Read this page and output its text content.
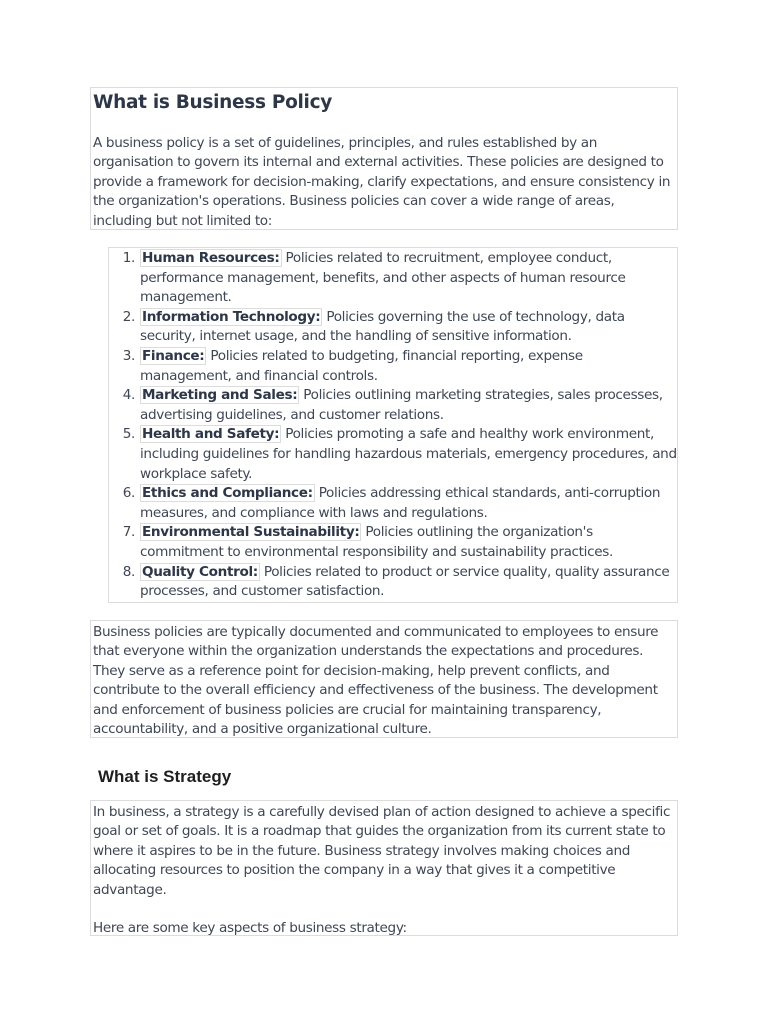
What is Business Policy

A business policy is a set of guidelines, principles, and rules established by an organisation to govern its internal and external activities. These policies are designed to provide a framework for decision-making, clarify expectations, and ensure consistency in the organization's operations. Business policies can cover a wide range of areas, including but not limited to:

1. Human Resources: Policies related to recruitment, employee conduct, performance management, benefits, and other aspects of human resource management.
2. Information Technology: Policies governing the use of technology, data security, internet usage, and the handling of sensitive information.
3. Finance: Policies related to budgeting, financial reporting, expense management, and financial controls.
4. Marketing and Sales: Policies outlining marketing strategies, sales processes, advertising guidelines, and customer relations.
5. Health and Safety: Policies promoting a safe and healthy work environment, including guidelines for handling hazardous materials, emergency procedures, and workplace safety.
6. Ethics and Compliance: Policies addressing ethical standards, anti-corruption measures, and compliance with laws and regulations.
7. Environmental Sustainability: Policies outlining the organization's commitment to environmental responsibility and sustainability practices.
8. Quality Control: Policies related to product or service quality, quality assurance processes, and customer satisfaction.

Business policies are typically documented and communicated to employees to ensure that everyone within the organization understands the expectations and procedures. They serve as a reference point for decision-making, help prevent conflicts, and contribute to the overall efficiency and effectiveness of the business. The development and enforcement of business policies are crucial for maintaining transparency, accountability, and a positive organizational culture.

What is Strategy

In business, a strategy is a carefully devised plan of action designed to achieve a specific goal or set of goals. It is a roadmap that guides the organization from its current state to where it aspires to be in the future. Business strategy involves making choices and allocating resources to position the company in a way that gives it a competitive advantage.

Here are some key aspects of business strategy:
